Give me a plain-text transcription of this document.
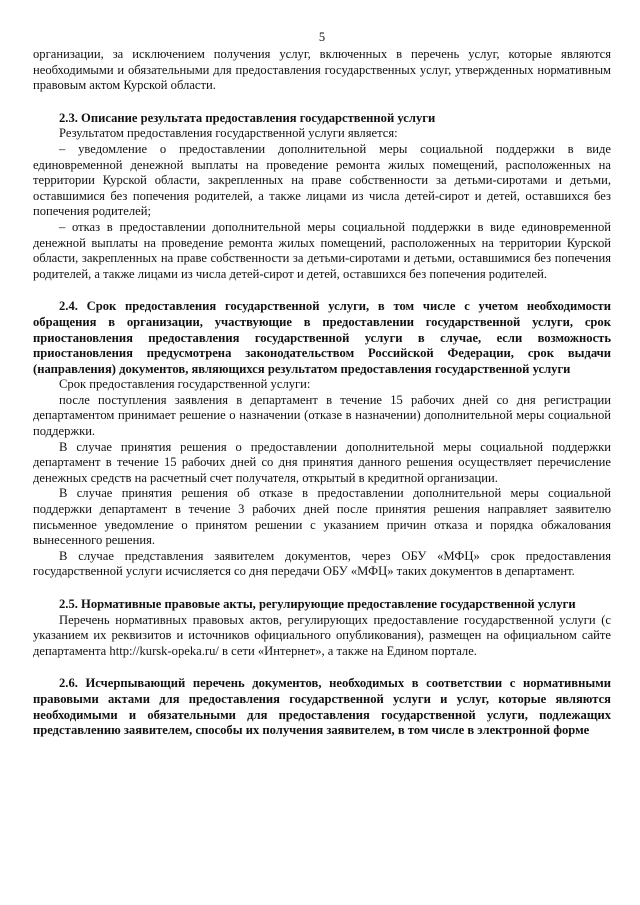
5

организации, за исключением получения услуг, включенных в перечень услуг, которые являются необходимыми и обязательными для предоставления государственных услуг, утвержденных нормативным правовым актом Курской области.

2.3. Описание результата предоставления государственной услуги

Результатом предоставления государственной услуги является:

– уведомление о предоставлении дополнительной меры социальной поддержки в виде единовременной денежной выплаты на проведение ремонта жилых помещений, расположенных на территории Курской области, закрепленных на праве собственности за детьми-сиротами и детьми, оставшимися без попечения родителей, а также лицами из числа детей-сирот и детей, оставшихся без попечения родителей;

– отказ в предоставлении дополнительной меры социальной поддержки в виде единовременной денежной выплаты на проведение ремонта жилых помещений, расположенных на территории Курской области, закрепленных на праве собственности за детьми-сиротами и детьми, оставшимися без попечения родителей, а также лицами из числа детей-сирот и детей, оставшихся без попечения родителей.

2.4. Срок предоставления государственной услуги, в том числе с учетом необходимости обращения в организации, участвующие в предоставлении государственной услуги, срок приостановления предоставления государственной услуги в случае, если возможность приостановления предусмотрена законодательством Российской Федерации, срок выдачи (направления) документов, являющихся результатом предоставления государственной услуги

Срок предоставления государственной услуги:

после поступления заявления в департамент в течение 15 рабочих дней со дня регистрации департаментом принимает решение о назначении (отказе в назначении) дополнительной меры социальной поддержки.

В случае принятия решения о предоставлении дополнительной меры социальной поддержки департамент в течение 15 рабочих дней со дня принятия данного решения осуществляет перечисление денежных средств на расчетный счет получателя, открытый в кредитной организации.

В случае принятия решения об отказе в предоставлении дополнительной меры социальной поддержки департамент в течение 3 рабочих дней после принятия решения направляет заявителю письменное уведомление о принятом решении с указанием причин отказа и порядка обжалования вынесенного решения.

В случае представления заявителем документов, через ОБУ «МФЦ» срок предоставления государственной услуги исчисляется со дня передачи ОБУ «МФЦ» таких документов в департамент.

2.5. Нормативные правовые акты, регулирующие предоставление государственной услуги

Перечень нормативных правовых актов, регулирующих предоставление государственной услуги (с указанием их реквизитов и источников официального опубликования), размещен на официальном сайте департамента http://kursk-opeka.ru/ в сети «Интернет», а также на Едином портале.

2.6. Исчерпывающий перечень документов, необходимых в соответствии с нормативными правовыми актами для предоставления государственной услуги и услуг, которые являются необходимыми и обязательными для предоставления государственной услуги, подлежащих представлению заявителем, способы их получения заявителем, в том числе в электронной форме
